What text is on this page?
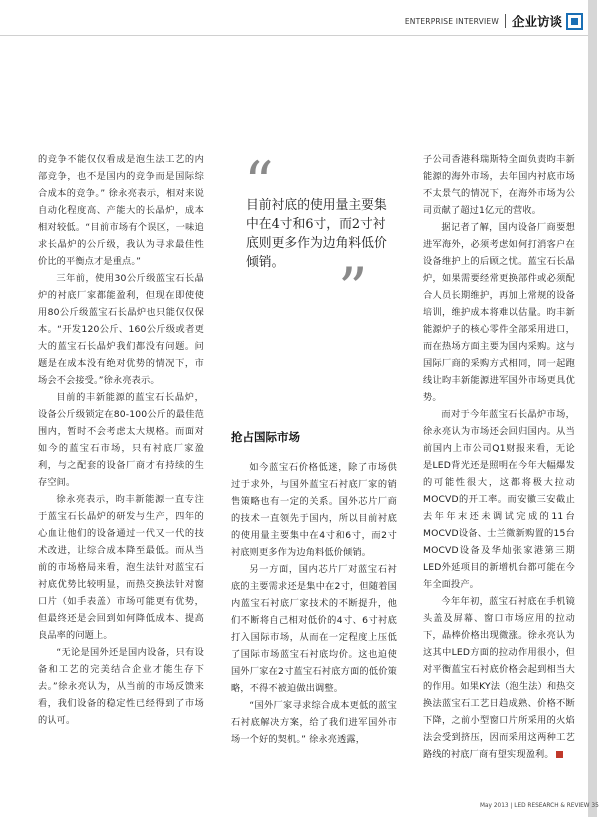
ENTERPRISE INTERVIEW 企业访谈

的竞争不能仅仅看成是泡生法工艺的内部竞争，也不是国内的竞争而是国际综合成本的竞争。” 徐永亮表示，相对来说自动化程度高、产能大的长晶炉，成本相对较低。“目前市场有个误区，一味追求长晶炉的公斤级，我认为寻求最佳性价比的平衡点才是重点。”

三年前，使用30公斤级蓝宝石长晶炉的衬底厂家都能盈利，但现在即使使用80公斤级蓝宝石长晶炉也只能仅仅保本。“开发120公斤、160公斤级或者更大的蓝宝石长晶炉我们都没有问题。问题是在成本没有绝对优势的情况下，市场会不会接受。”徐永亮表示。

目前的丰新能源的蓝宝石长晶炉，设备公斤级锁定在80-100公斤的最佳范围内，暂时不会考虑太大规格。而面对如今的蓝宝石市场，只有衬底厂家盈利，与之配套的设备厂商才有持续的生存空间。

徐永亮表示，昀丰新能源一直专注于蓝宝石长晶炉的研发与生产，四年的心血让他们的设备通过一代又一代的技术改进，让综合成本降至最低。而从当前的市场格局来看，泡生法针对蓝宝石衬底优势比较明显，而热交换法针对窗口片（如手表盖）市场可能更有优势，但最终还是会回到如何降低成本、提高良品率的问题上。

“无论是国外还是国内设备，只有设备和工艺的完美结合企业才能生存下去。”徐永亮认为，从当前的市场反馈来看，我们设备的稳定性已经得到了市场的认可。

“
目前衬底的使用量主要集中在4寸和6寸，而2寸衬底则更多作为边角料低价倾销。 ”
抢占国际市场

如今蓝宝石价格低迷，除了市场供过于求外，与国外蓝宝石衬底厂家的销售策略也有一定的关系。国外芯片厂商的技术一直领先于国内，所以目前衬底的使用量主要集中在4寸和6寸，而2寸衬底则更多作为边角料低价倾销。

另一方面，国内芯片厂对蓝宝石衬底的主要需求还是集中在2寸，但随着国内蓝宝石衬底厂家技术的不断提升，他们不断将自己相对低价的4寸、6寸衬底打入国际市场，从而在一定程度上压低了国际市场蓝宝石衬底均价。这也迫使国外厂家在2寸蓝宝石衬底方面的低价策略，不得不被迫做出调整。

“国外厂家寻求综合成本更低的蓝宝石衬底解决方案，给了我们进军国外市场一个好的契机。” 徐永亮透露，

子公司香港科瑞斯特全面负责昀丰新能源的海外市场，去年国内衬底市场不太景气的情况下，在海外市场为公司贡献了超过1亿元的营收。

据记者了解，国内设备厂商要想进军海外，必须考虑如何打消客户在设备维护上的后顾之忧。蓝宝石长晶炉，如果需要经常更换部件或必须配合人员长期维护，再加上常规的设备培训，维护成本将难以估量。昀丰新能源炉子的核心零件全部采用进口，而在热场方面主要为国内采购。这与国际厂商的采购方式相同，同一起跑线让昀丰新能源进军国外市场更具优势。

而对于今年蓝宝石长晶炉市场，徐永亮认为市场还会回归国内。从当前国内上市公司Q1财报来看，无论是LED背光还是照明在今年大幅爆发的可能性很大，这都将极大拉动MOCVD的开工率。而安徽三安截止去年年末还未调试完成的11台MOCVD设备、士兰微新购置的15台MOCVD设备及华灿张家港第三期LED外延项目的新增机台都可能在今年全面投产。

今年年初，蓝宝石衬底在手机镜头盖及屏幕、窗口市场应用的拉动下，晶棒价格出现微涨。徐永亮认为这其中LED方面的拉动作用很小，但对平衡蓝宝石衬底价格会起到相当大的作用。如果KY法（泡生法）和热交换法蓝宝石工艺日趋成熟、价格不断下降，之前小型窗口片所采用的火焰法会受到挤压，因而采用这两种工艺路线的衬底厂商有望实现盈利。

May 2013 | LED RESEARCH & REVIEW 35
